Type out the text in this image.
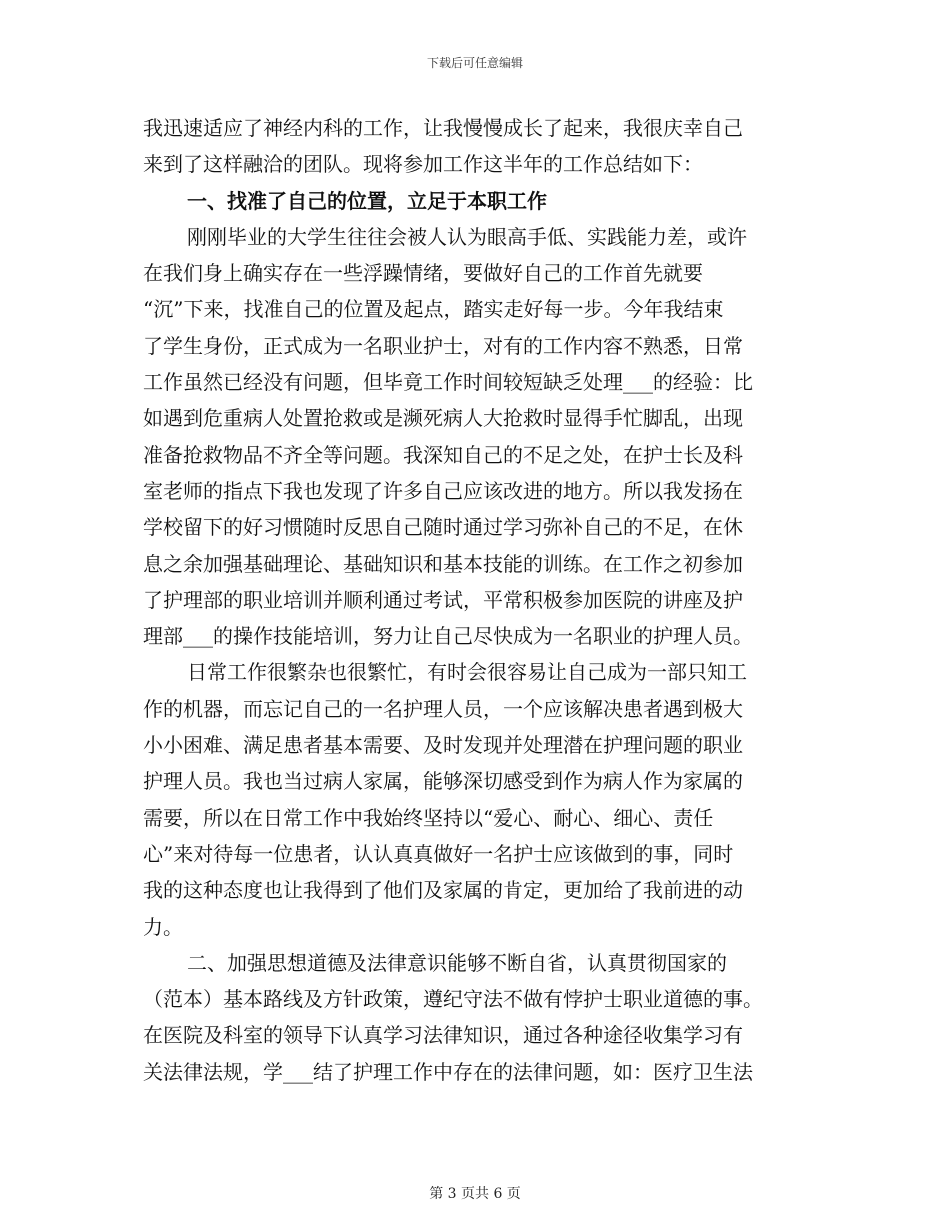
下载后可任意编辑
我迅速适应了神经内科的工作，让我慢慢成长了起来，我很庆幸自己
来到了这样融洽的团队。现将参加工作这半年的工作总结如下：
一、找准了自己的位置，立足于本职工作
刚刚毕业的大学生往往会被人认为眼高手低、实践能力差，或许
在我们身上确实存在一些浮躁情绪，要做好自己的工作首先就要
“沉”下来，找准自己的位置及起点，踏实走好每一步。今年我结束
了学生身份，正式成为一名职业护士，对有的工作内容不熟悉，日常
工作虽然已经没有问题，但毕竟工作时间较短缺乏处理___的经验：比
如遇到危重病人处置抢救或是濒死病人大抢救时显得手忙脚乱，出现
准备抢救物品不齐全等问题。我深知自己的不足之处，在护士长及科
室老师的指点下我也发现了许多自己应该改进的地方。所以我发扬在
学校留下的好习惯随时反思自己随时通过学习弥补自己的不足，在休
息之余加强基础理论、基础知识和基本技能的训练。在工作之初参加
了护理部的职业培训并顺利通过考试，平常积极参加医院的讲座及护
理部___的操作技能培训，努力让自己尽快成为一名职业的护理人员。
日常工作很繁杂也很繁忙，有时会很容易让自己成为一部只知工
作的机器，而忘记自己的一名护理人员，一个应该解决患者遇到极大
小小困难、满足患者基本需要、及时发现并处理潜在护理问题的职业
护理人员。我也当过病人家属，能够深切感受到作为病人作为家属的
需要，所以在日常工作中我始终坚持以“爱心、耐心、细心、责任
心”来对待每一位患者，认认真真做好一名护士应该做到的事，同时
我的这种态度也让我得到了他们及家属的肯定，更加给了我前进的动
力。
二、加强思想道德及法律意识能够不断自省，认真贯彻国家的
（范本）基本路线及方针政策，遵纪守法不做有悖护士职业道德的事。
在医院及科室的领导下认真学习法律知识，通过各种途径收集学习有
关法律法规，学___结了护理工作中存在的法律问题，如：医疗卫生法
第 3 页共 6 页
